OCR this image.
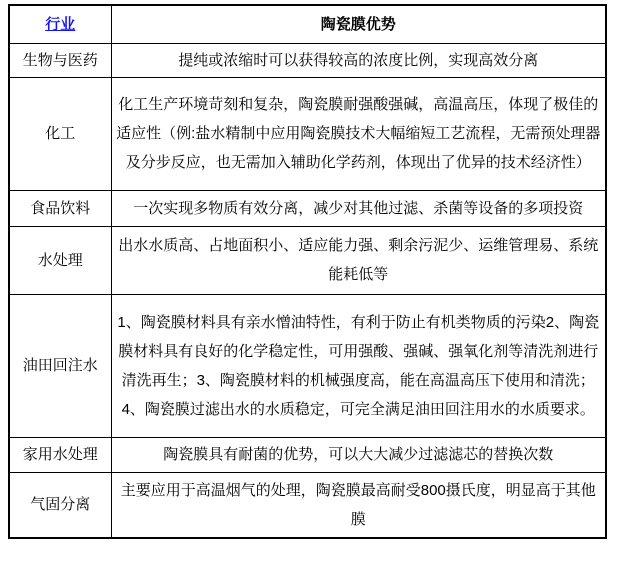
行业	陶瓷膜优势
生物与医药	提纯或浓缩时可以获得较高的浓度比例，实现高效分离
化工	化工生产环境苛刻和复杂，陶瓷膜耐强酸强碱，高温高压，体现了极佳的适应性（例:盐水精制中应用陶瓷膜技术大幅缩短工艺流程，无需预处理器及分步反应，也无需加入辅助化学药剂，体现出了优异的技术经济性）
食品饮料	一次实现多物质有效分离，减少对其他过滤、杀菌等设备的多项投资
水处理	出水水质高、占地面积小、适应能力强、剩余污泥少、运维管理易、系统能耗低等
油田回注水	1、陶瓷膜材料具有亲水憎油特性，有利于防止有机类物质的污染2、陶瓷膜材料具有良好的化学稳定性，可用强酸、强碱、强氧化剂等清洗剂进行清洗再生；3、陶瓷膜材料的机械强度高，能在高温高压下使用和清洗；4、陶瓷膜过滤出水的水质稳定，可完全满足油田回注用水的水质要求。
家用水处理	陶瓷膜具有耐菌的优势，可以大大减少过滤滤芯的替换次数
气固分离	主要应用于高温烟气的处理，陶瓷膜最高耐受800摄氏度，明显高于其他膜
